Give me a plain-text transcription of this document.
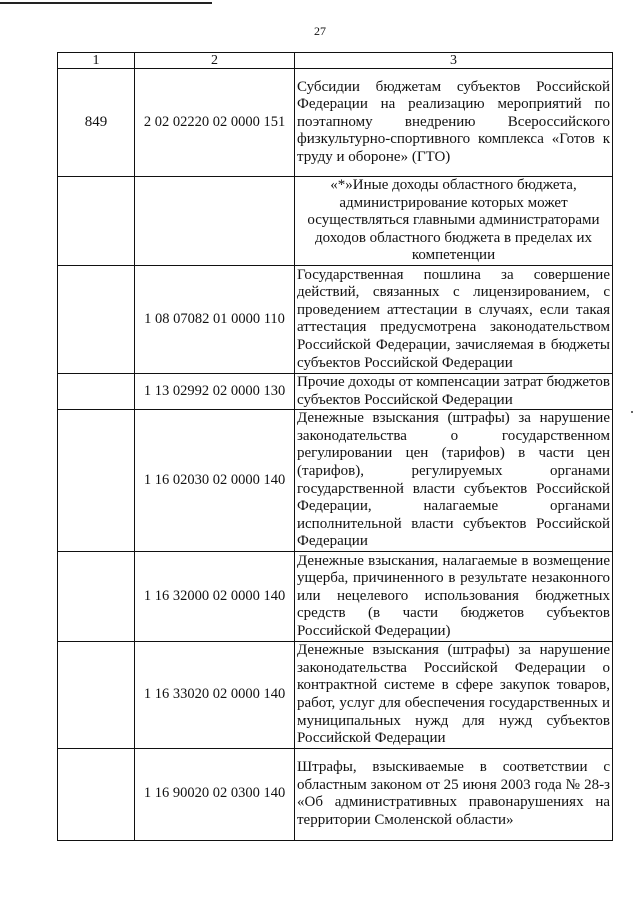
27
1	2	3
849	2 02 02220 02 0000 151	Субсидии бюджетам субъектов Российской Федерации на реализацию мероприятий по поэтапному внедрению Всероссийского физкультурно-спортивного комплекса «Готов к труду и обороне» (ГТО)
		«*»Иные доходы областного бюджета, администрирование которых может осуществляться главными администраторами доходов областного бюджета в пределах их компетенции
	1 08 07082 01 0000 110	Государственная пошлина за совершение действий, связанных с лицензированием, с проведением аттестации в случаях, если такая аттестация предусмотрена законодательством Российской Федерации, зачисляемая в бюджеты субъектов Российской Федерации
	1 13 02992 02 0000 130	Прочие доходы от компенсации затрат бюджетов субъектов Российской Федерации
	1 16 02030 02 0000 140	Денежные взыскания (штрафы) за нарушение законодательства о государственном регулировании цен (тарифов) в части цен (тарифов), регулируемых органами государственной власти субъектов Российской Федерации, налагаемые органами исполнительной власти субъектов Российской Федерации
	1 16 32000 02 0000 140	Денежные взыскания, налагаемые в возмещение ущерба, причиненного в результате незаконного или нецелевого использования бюджетных средств (в части бюджетов субъектов Российской Федерации)
	1 16 33020 02 0000 140	Денежные взыскания (штрафы) за нарушение законодательства Российской Федерации о контрактной системе в сфере закупок товаров, работ, услуг для обеспечения государственных и муниципальных нужд для нужд субъектов Российской Федерации
	1 16 90020 02 0300 140	Штрафы, взыскиваемые в соответствии с областным законом от 25 июня 2003 года № 28-з «Об административных правонарушениях на территории Смоленской области»
